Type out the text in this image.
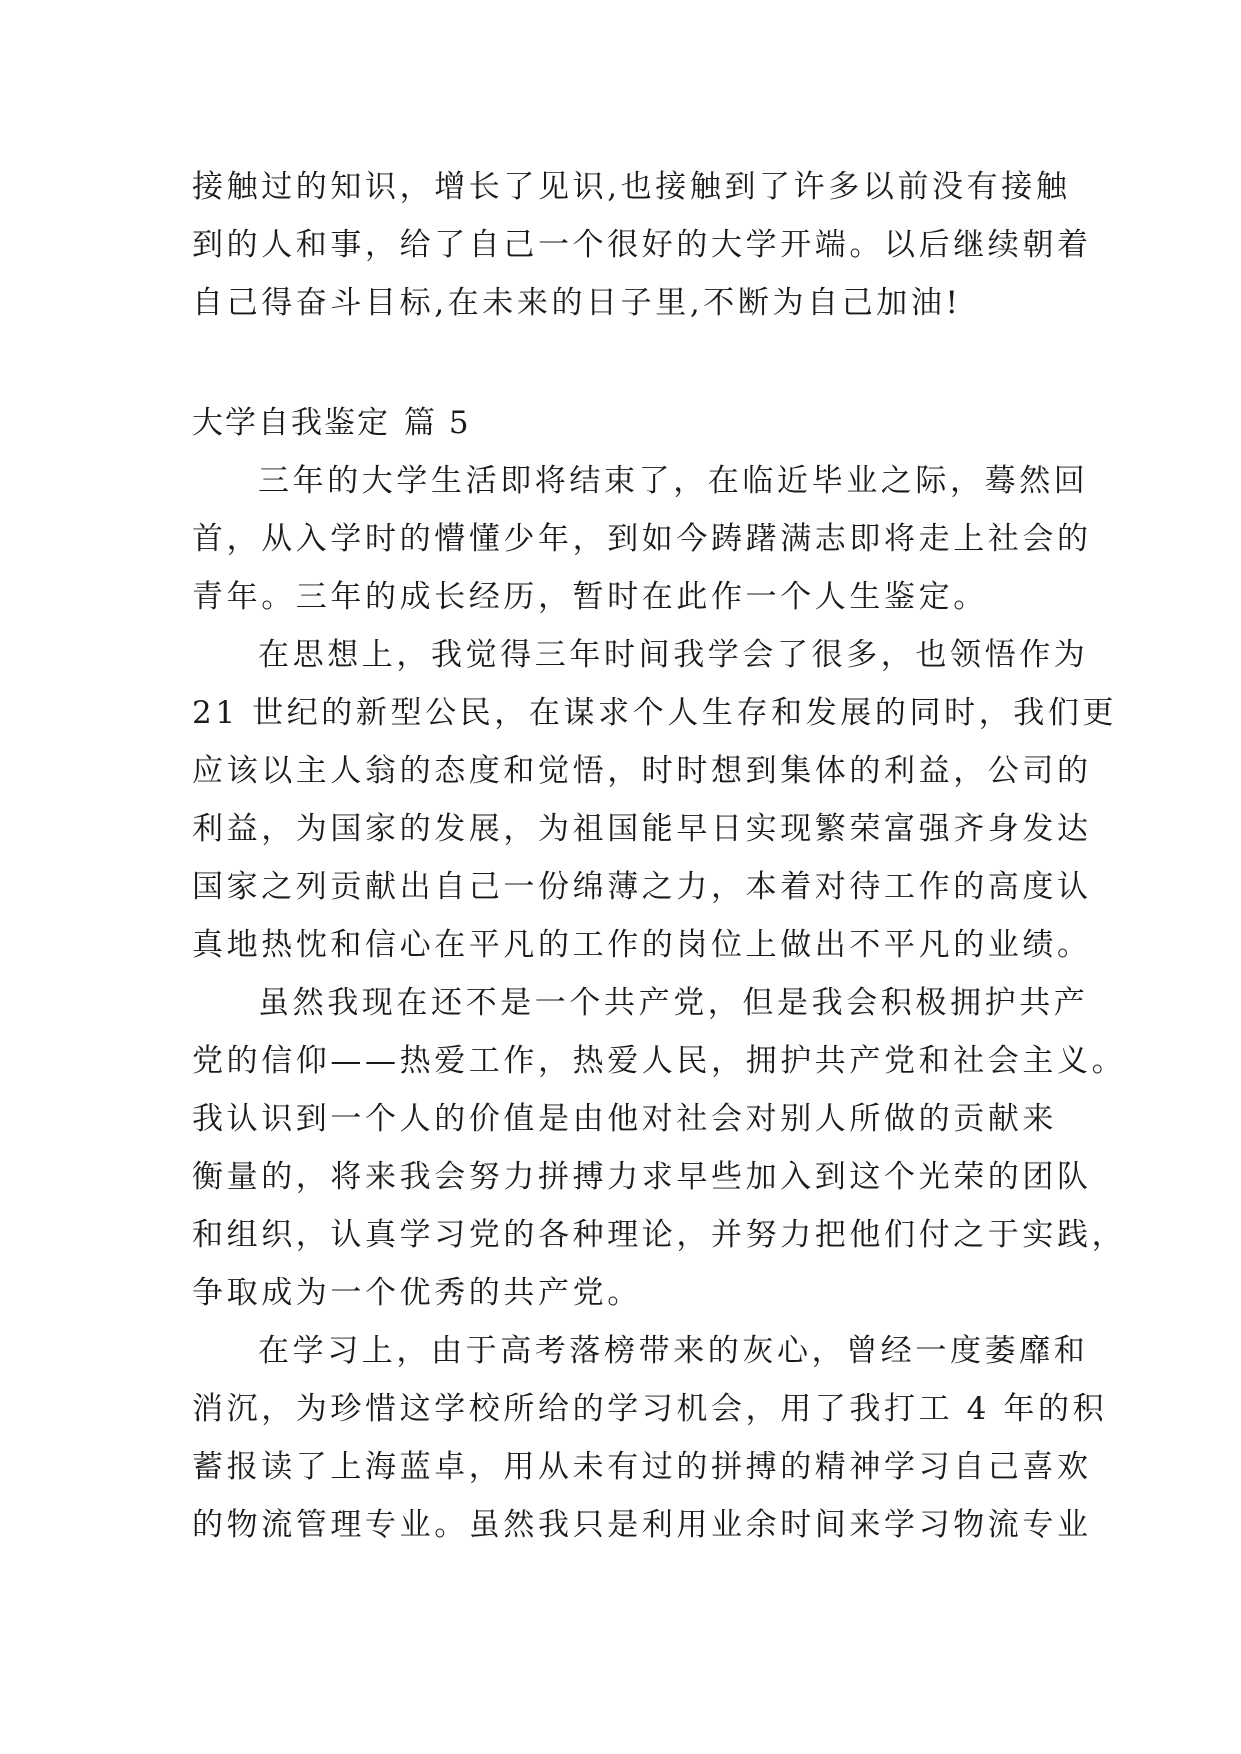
接触过的知识，增长了见识,也接触到了许多以前没有接触
到的人和事，给了自己一个很好的大学开端。以后继续朝着
自己得奋斗目标,在未来的日子里,不断为自己加油!
大学自我鉴定 篇 5
三年的大学生活即将结束了，在临近毕业之际，蓦然回
首，从入学时的懵懂少年，到如今踌躇满志即将走上社会的
青年。三年的成长经历，暂时在此作一个人生鉴定。
在思想上，我觉得三年时间我学会了很多，也领悟作为
21 世纪的新型公民，在谋求个人生存和发展的同时，我们更
应该以主人翁的态度和觉悟，时时想到集体的利益，公司的
利益，为国家的发展，为祖国能早日实现繁荣富强齐身发达
国家之列贡献出自己一份绵薄之力，本着对待工作的高度认
真地热忱和信心在平凡的工作的岗位上做出不平凡的业绩。
虽然我现在还不是一个共产党，但是我会积极拥护共产
党的信仰——热爱工作，热爱人民，拥护共产党和社会主义。
我认识到一个人的价值是由他对社会对别人所做的贡献来
衡量的，将来我会努力拼搏力求早些加入到这个光荣的团队
和组织，认真学习党的各种理论，并努力把他们付之于实践，
争取成为一个优秀的共产党。
在学习上，由于高考落榜带来的灰心，曾经一度萎靡和
消沉，为珍惜这学校所给的学习机会，用了我打工 4 年的积
蓄报读了上海蓝卓，用从未有过的拼搏的精神学习自己喜欢
的物流管理专业。虽然我只是利用业余时间来学习物流专业
